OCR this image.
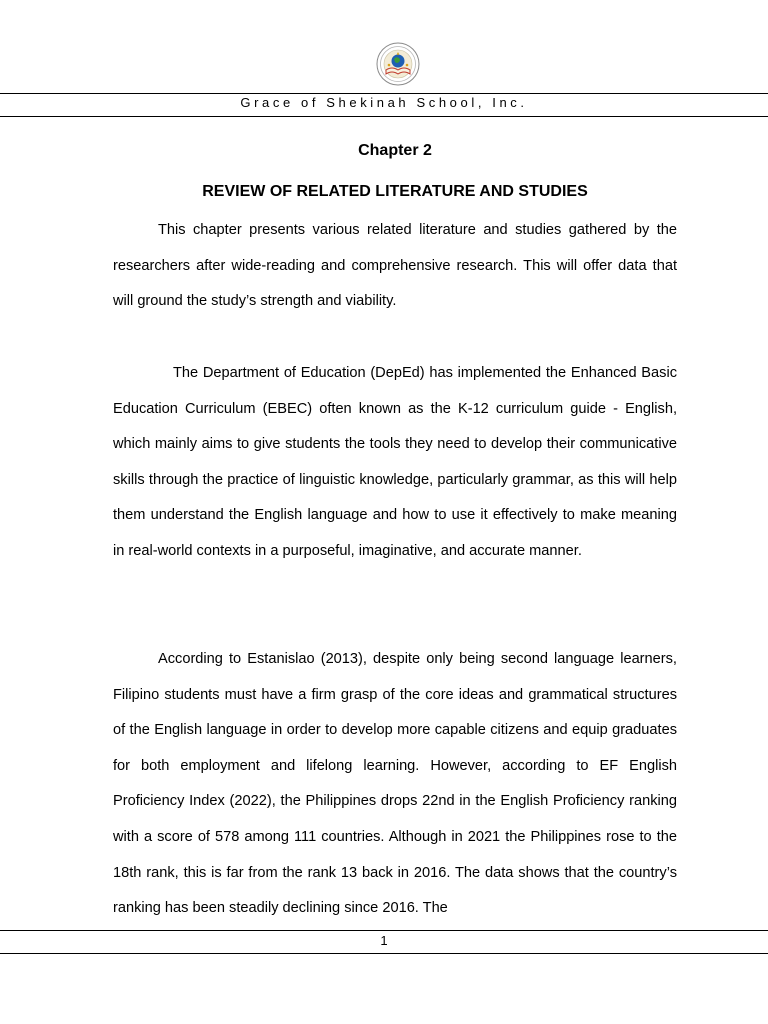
Grace of Shekinah School, Inc.
Chapter 2
REVIEW OF RELATED LITERATURE AND STUDIES

This chapter presents various related literature and studies gathered by the researchers after wide-reading and comprehensive research. This will offer data that will ground the study’s strength and viability.

The Department of Education (DepEd) has implemented the Enhanced Basic Education Curriculum (EBEC) often known as the K-12 curriculum guide - English, which mainly aims to give students the tools they need to develop their communicative skills through the practice of linguistic knowledge, particularly grammar, as this will help them understand the English language and how to use it effectively to make meaning in real-world contexts in a purposeful, imaginative, and accurate manner.

According to Estanislao (2013), despite only being second language learners, Filipino students must have a firm grasp of the core ideas and grammatical structures of the English language in order to develop more capable citizens and equip graduates for both employment and lifelong learning. However, according to EF English Proficiency Index (2022), the Philippines drops 22nd in the English Proficiency ranking with a score of 578 among 111 countries. Although in 2021 the Philippines rose to the 18th rank, this is far from the rank 13 back in 2016. The data shows that the country’s ranking has been steadily declining since 2016. The

1
